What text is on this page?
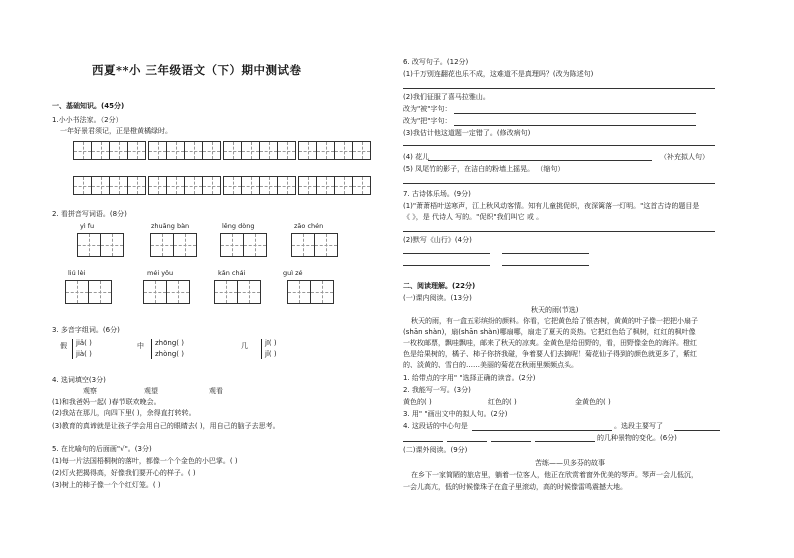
西夏**小 三年级语文（下）期中测试卷
一、基础知识。(45分)
1.小小书法家。（2分）
一年好景君须记，正是橙黄橘绿时。
2. 看拼音写词语。(8分)
yì fu	zhuāng bàn	lěng dòng	zāo chén
liú lèi	méi yǒu	kǎn chái	guì zé
3. 多音字组词。(6分)
假 jiǎ( )
jià( )
中 zhōng( )
zhòng( )
几 jī( )
jǐ( )
4. 选词填空(3分)
观察	观望	观看
(1)和我爸妈一起( )春节联欢晚会。
(2)我站在那儿，向四下里( )，余得直打转转。
(3)教育的真谛就是让孩子学会用自己的眼睛去( )，用自己的脑子去思考。
5. 在比喻句的后面画"√"。(3分)
(1)每一片法国梧桐树的落叶，都像一个个金色的小巴掌。( )
(2)灯火把揭得高，好像我们要开心的样子。( )
(3)树上的柿子像一个个红灯笼。( )
6. 改写句子。(12分)
(1)千万别连翻花也乐不成，这难道不是真理吗？(改为陈述句)
(2)我们征服了喜马拉雅山。
改为"被"字句：
改为"把"字句：
(3)我估计他这道题一定错了。(修改病句)
(4) 花儿	（补充拟人句）
(5) 凤尾竹的影子，在洁白的粉墙上摇晃。 （缩句）
7. 古诗体乐场。(9分)
(1)"萧萧梧叶送寒声，江上秋风动客情。知有儿童挑促织，夜深篱落一灯明。"这首古诗的题目是
《 》，是 代诗人 写的。"促织"我们叫它 或 。
(2)默写《山行》(4分)
二、阅读理解。(22分)
(一)课内阅读。(13分)
秋天的雨(节选)
秋天的雨，有一盒五彩缤纷的颜料。你看，它把黄色给了银杏树，黄黄的叶子像一把把小扇子
(shān shàn)，扇(shān shàn)哪扇哪，扇走了夏天的炎热。它把红色给了枫树，红红的枫叶像
一枚枚邮票，飘哇飘哇，邮来了秋天的凉爽。金黄色是给田野的，看，田野像金色的海洋。橙红
色是给果树的，橘子、柿子你挤我碰，争着要人们去摘呢！菊花仙子得到的颜色就更多了，紫红
的、淡黄的、雪白的……美丽的菊花在秋雨里频频点头。
1. 给带点的字用" "选择正确的读音。(2分)
2. 我能写一写。(3分)
黄色的( )	红色的( )	金黄色的( )
3. 用" "画出文中的拟人句。(2分)
4. 这段话的中心句是	。选段主要写了
的几种景物的变化。(6分)
(二)课外阅读。(9分)
苦练——贝多芬的故事
在乡下一家简陋的旅店里，躺着一位客人，他正在欣赏着窗外优美的琴声。琴声一会儿低沉，
一会儿高亢，低的时候像珠子在盒子里滚动，高的时候像雷鸣震撼大地。
